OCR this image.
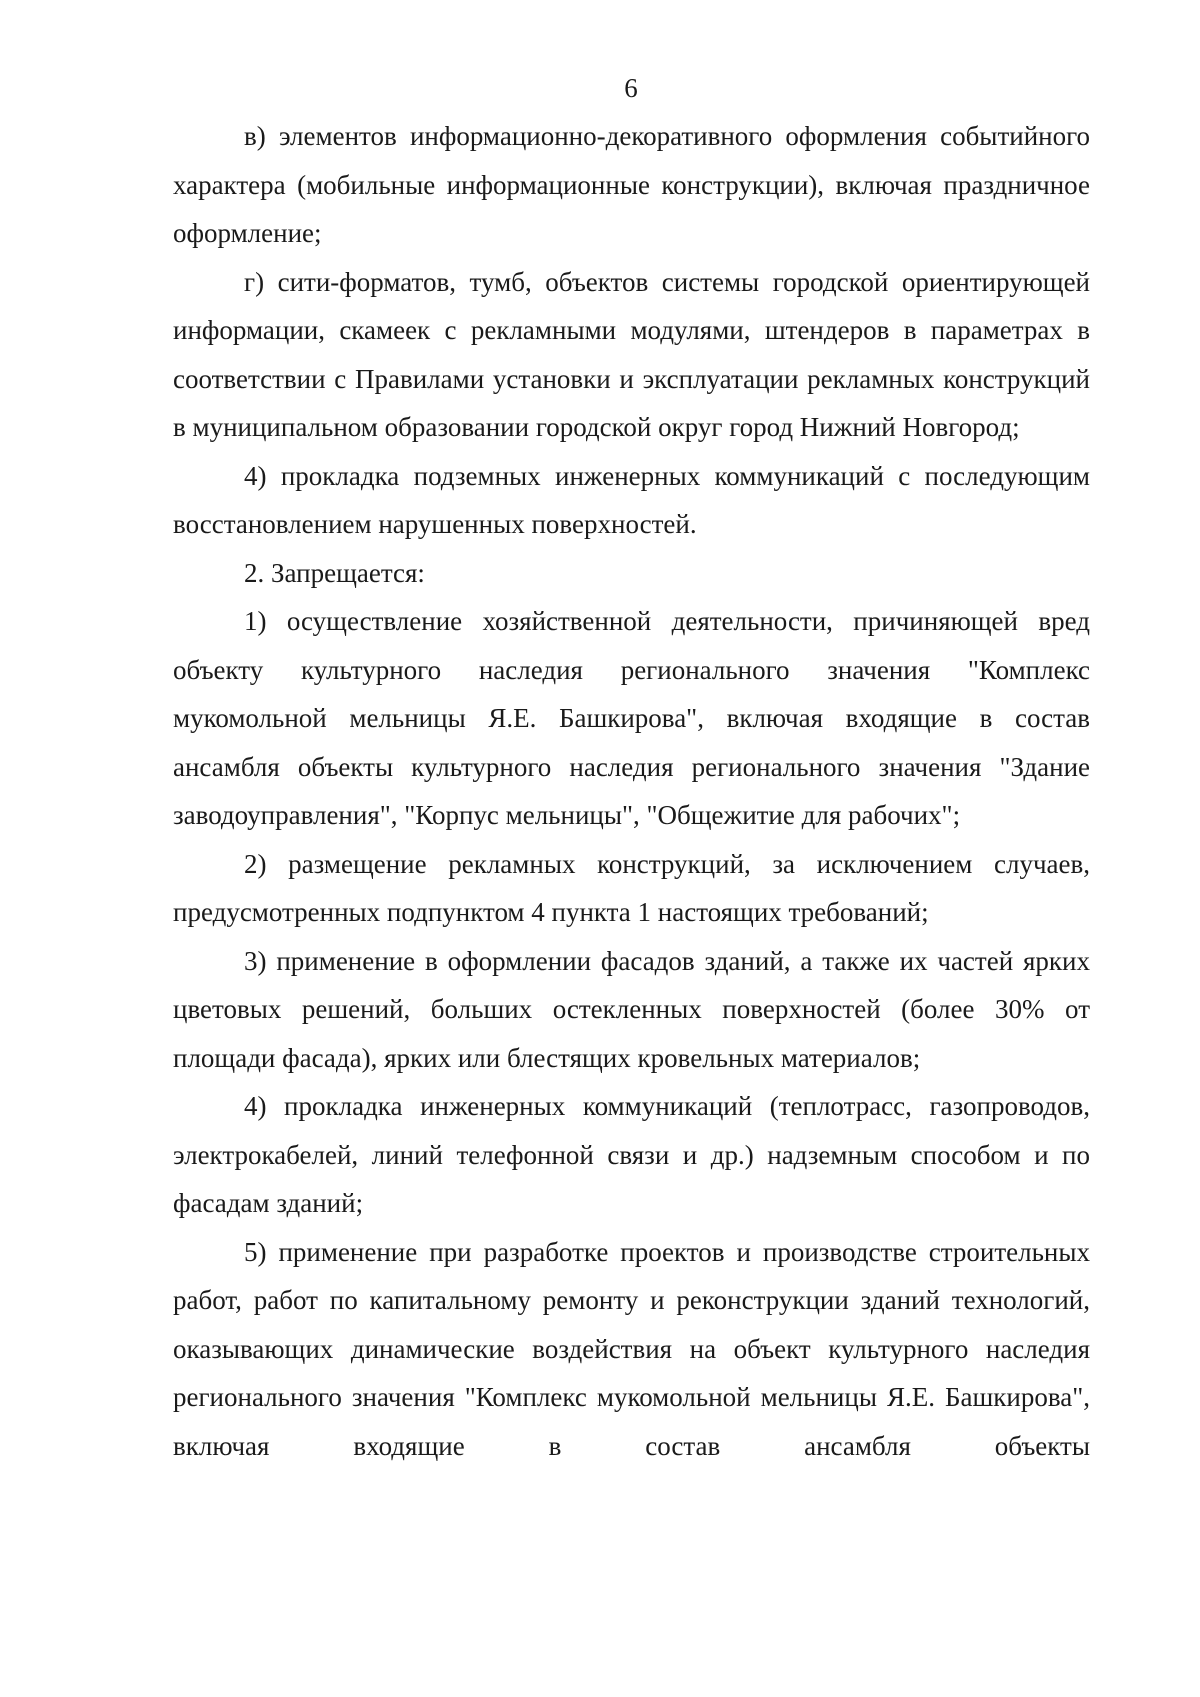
6

в) элементов информационно-декоративного оформления событийного характера (мобильные информационные конструкции), включая праздничное оформление;

г) сити-форматов, тумб, объектов системы городской ориентирующей информации, скамеек с рекламными модулями, штендеров в параметрах в соответствии с Правилами установки и эксплуатации рекламных конструкций в муниципальном образовании городской округ город Нижний Новгород;

4) прокладка подземных инженерных коммуникаций с последующим восстановлением нарушенных поверхностей.

2. Запрещается:

1) осуществление хозяйственной деятельности, причиняющей вред объекту культурного наследия регионального значения "Комплекс мукомольной мельницы Я.Е. Башкирова", включая входящие в состав ансамбля объекты культурного наследия регионального значения "Здание заводоуправления", "Корпус мельницы", "Общежитие для рабочих";

2) размещение рекламных конструкций, за исключением случаев, предусмотренных подпунктом 4 пункта 1 настоящих требований;

3) применение в оформлении фасадов зданий, а также их частей ярких цветовых решений, больших остекленных поверхностей (более 30% от площади фасада), ярких или блестящих кровельных материалов;

4) прокладка инженерных коммуникаций (теплотрасс, газопроводов, электрокабелей, линий телефонной связи и др.) надземным способом и по фасадам зданий;

5) применение при разработке проектов и производстве строительных работ, работ по капитальному ремонту и реконструкции зданий технологий, оказывающих динамические воздействия на объект культурного наследия регионального значения "Комплекс мукомольной мельницы Я.Е. Башкирова", включая входящие в состав ансамбля объекты
